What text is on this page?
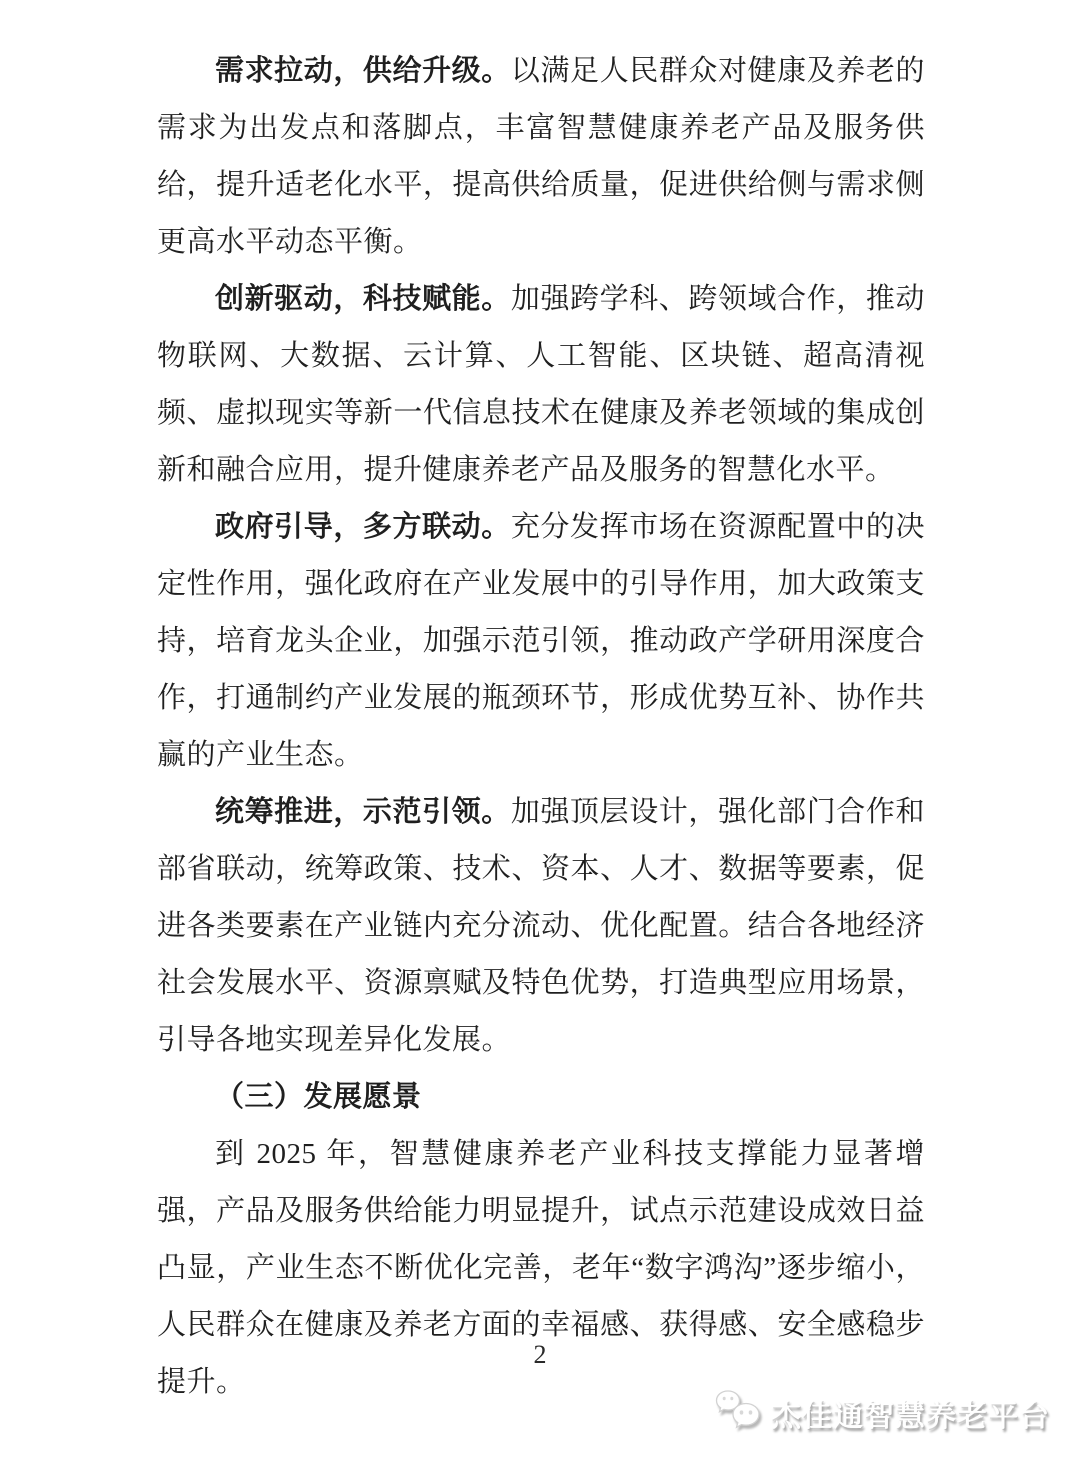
需求拉动，供给升级。以满足人民群众对健康及养老的需求为出发点和落脚点，丰富智慧健康养老产品及服务供给，提升适老化水平，提高供给质量，促进供给侧与需求侧更高水平动态平衡。

创新驱动，科技赋能。加强跨学科、跨领域合作，推动物联网、大数据、云计算、人工智能、区块链、超高清视频、虚拟现实等新一代信息技术在健康及养老领域的集成创新和融合应用，提升健康养老产品及服务的智慧化水平。

政府引导，多方联动。充分发挥市场在资源配置中的决定性作用，强化政府在产业发展中的引导作用，加大政策支持，培育龙头企业，加强示范引领，推动政产学研用深度合作，打通制约产业发展的瓶颈环节，形成优势互补、协作共赢的产业生态。

统筹推进，示范引领。加强顶层设计，强化部门合作和部省联动，统筹政策、技术、资本、人才、数据等要素，促进各类要素在产业链内充分流动、优化配置。结合各地经济社会发展水平、资源禀赋及特色优势，打造典型应用场景，引导各地实现差异化发展。

（三）发展愿景

到 2025 年，智慧健康养老产业科技支撑能力显著增强，产品及服务供给能力明显提升，试点示范建设成效日益凸显，产业生态不断优化完善，老年“数字鸿沟”逐步缩小，人民群众在健康及养老方面的幸福感、获得感、安全感稳步提升。

2
杰佳通智慧养老平台
